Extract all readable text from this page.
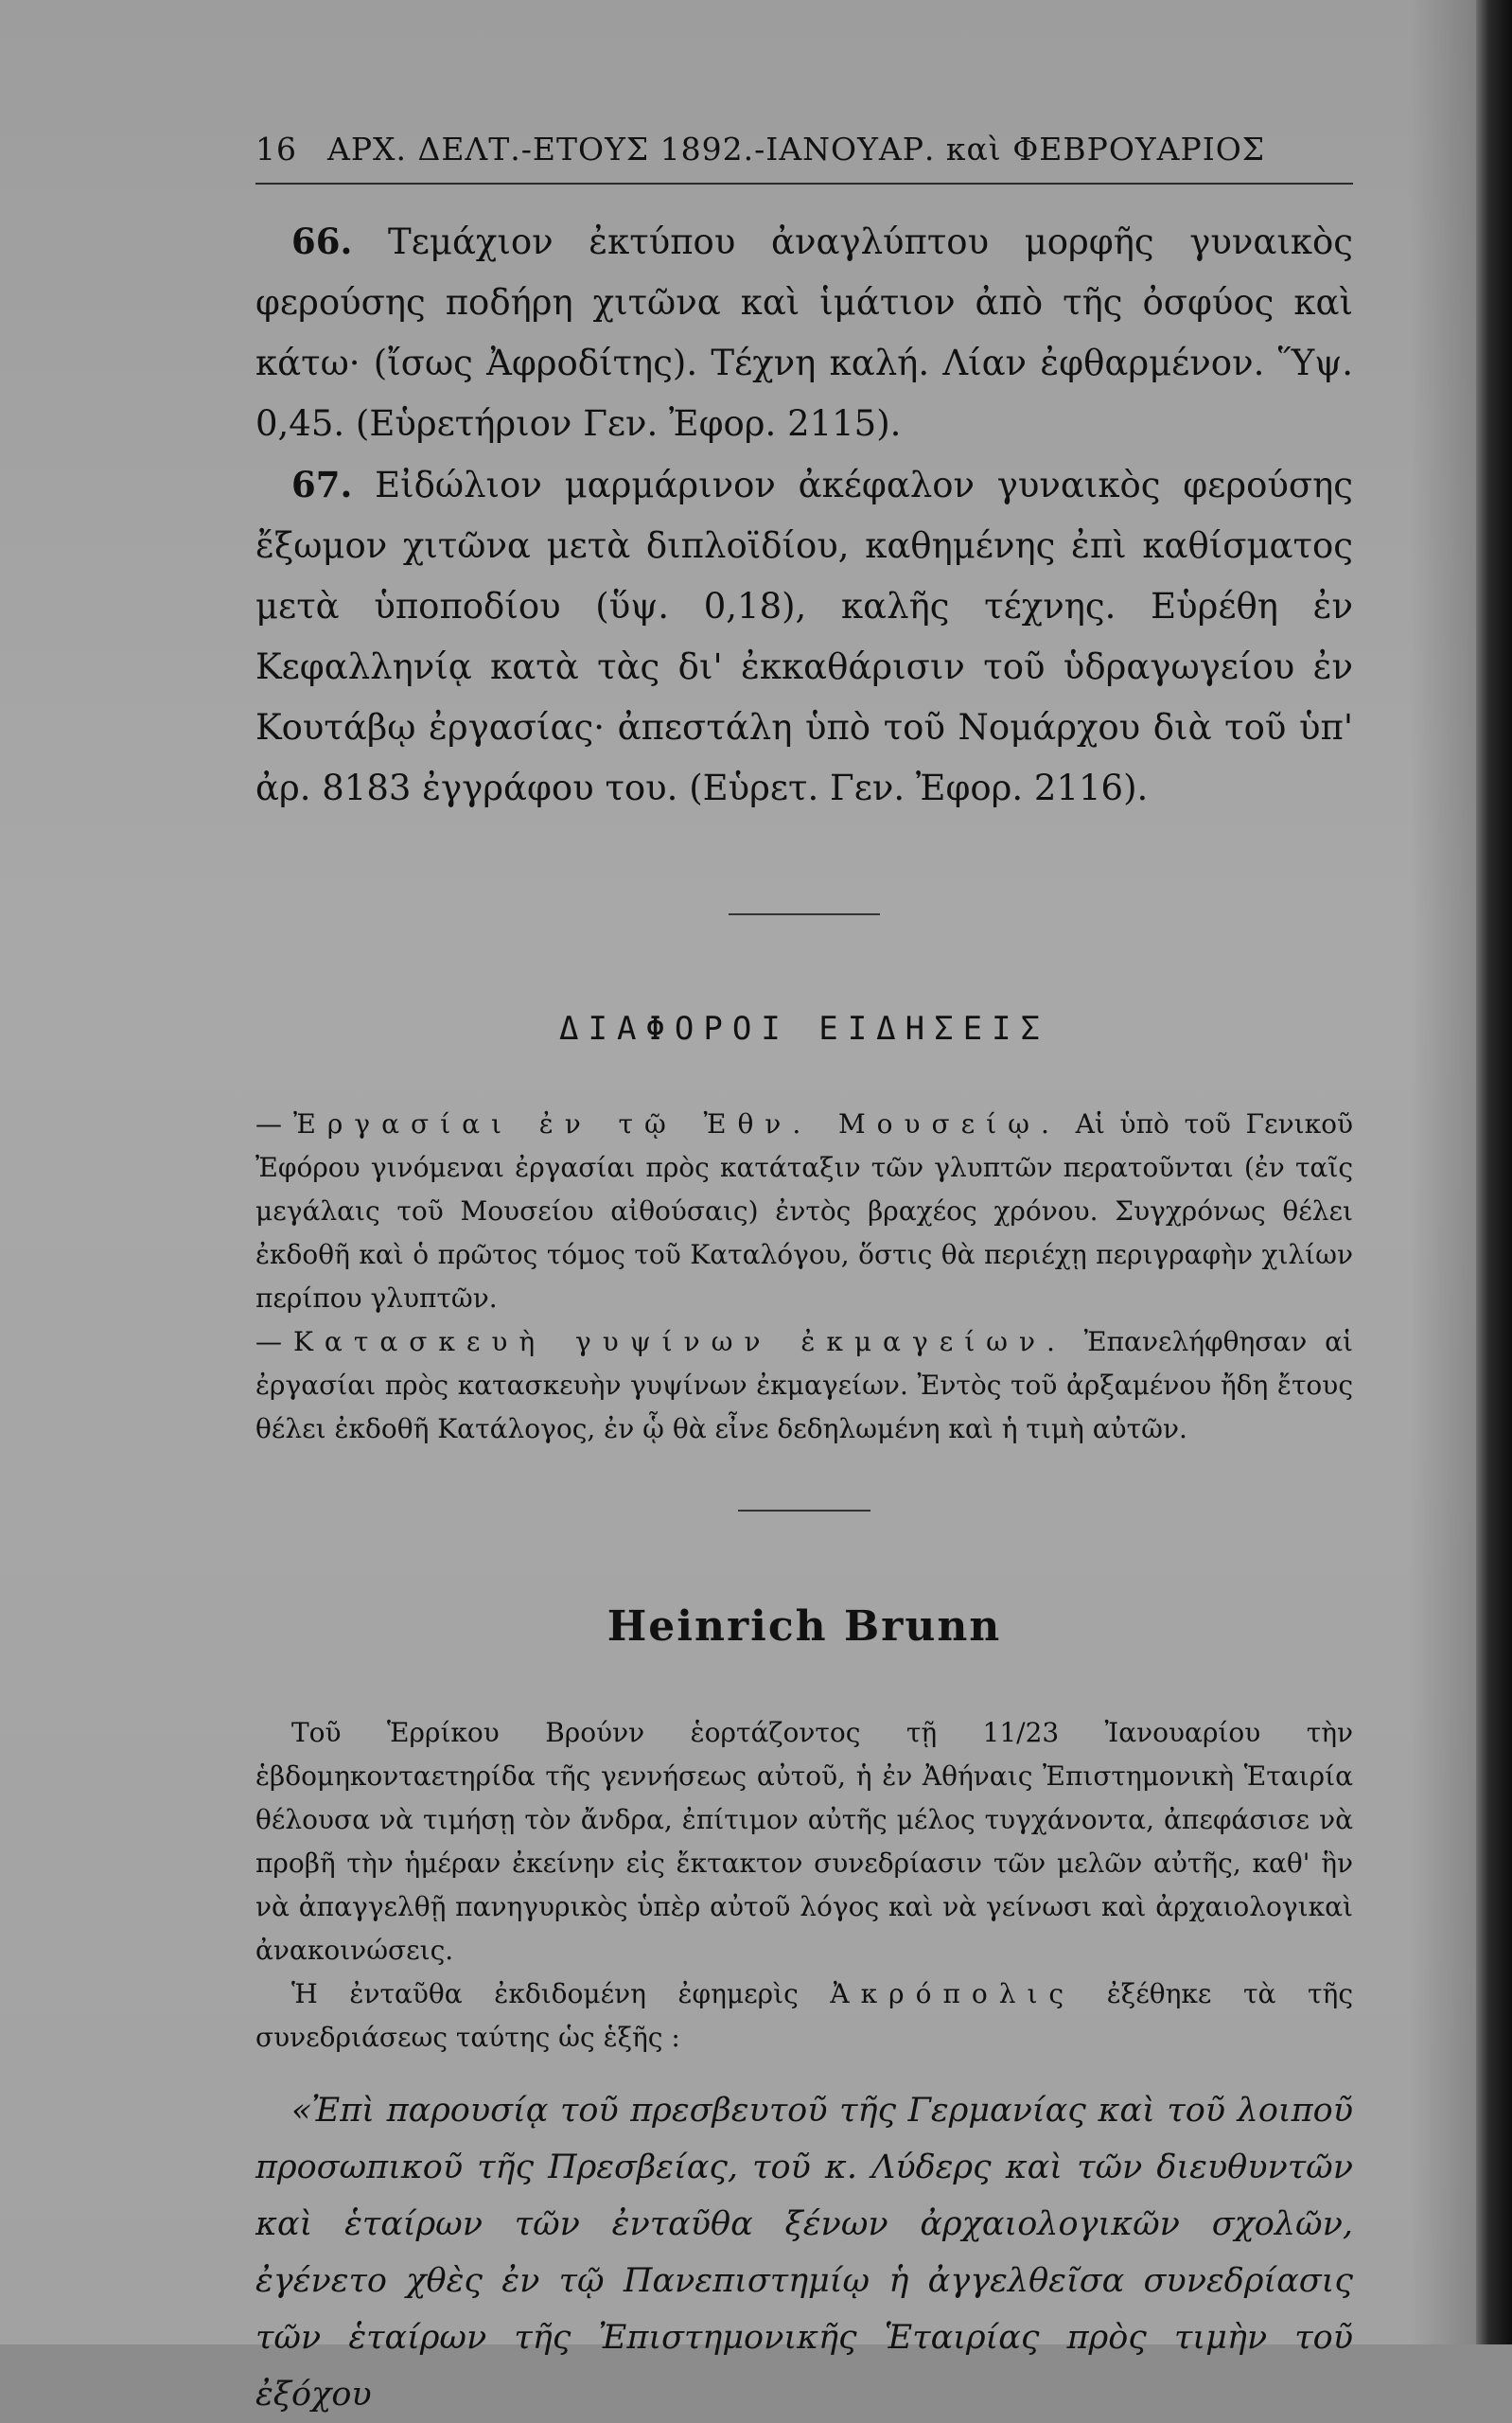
16 ΑΡΧ. ΔΕΛΤ.-ΕΤΟΥΣ 1892.-ΙΑΝΟΥΑΡ. καὶ ΦΕΒΡΟΥΑΡΙΟΣ

66. Τεμάχιον ἐκτύπου ἀναγλύπτου μορφῆς γυναικὸς φερούσης ποδήρη χιτῶνα καὶ ἱμάτιον ἀπὸ τῆς ὀσφύος καὶ κάτω· (ἴσως Ἀφροδίτης). Τέχνη καλή. Λίαν ἐφθαρμένον. Ὕψ. 0,45. (Εὑρετήριον Γεν. Ἐφορ. 2115).

67. Εἰδώλιον μαρμάρινον ἀκέφαλον γυναικὸς φερούσης ἔξωμον χιτῶνα μετὰ διπλοϊδίου, καθημένης ἐπὶ καθίσματος μετὰ ὑποποδίου (ὕψ. 0,18), καλῆς τέχνης. Εὑρέθη ἐν Κεφαλληνίᾳ κατὰ τὰς δι' ἐκκαθάρισιν τοῦ ὑδραγωγείου ἐν Κουτάβῳ ἐργασίας· ἀπεστάλη ὑπὸ τοῦ Νομάρχου διὰ τοῦ ὑπ' ἀρ. 8183 ἐγγράφου του. (Εὑρετ. Γεν. Ἐφορ. 2116).

ΔΙΑΦΟΡΟΙ ΕΙΔΗΣΕΙΣ

—Ἐργασίαι ἐν τῷ Ἐθν. Μουσείῳ. Αἱ ὑπὸ τοῦ Γενικοῦ Ἐφόρου γινόμεναι ἐργασίαι πρὸς κατάταξιν τῶν γλυπτῶν περατοῦνται (ἐν ταῖς μεγάλαις τοῦ Μουσείου αἰθούσαις) ἐντὸς βραχέος χρόνου. Συγχρόνως θέλει ἐκδοθῆ καὶ ὁ πρῶτος τόμος τοῦ Καταλόγου, ὅστις θὰ περιέχῃ περιγραφὴν χιλίων περίπου γλυπτῶν.

—Κατασκευὴ γυψίνων ἐκμαγείων. Ἐπανελήφθησαν αἱ ἐργασίαι πρὸς κατασκευὴν γυψίνων ἐκμαγείων. Ἐντὸς τοῦ ἀρξαμένου ἤδη ἔτους θέλει ἐκδοθῆ Κατάλογος, ἐν ᾧ θὰ εἶνε δεδηλωμένη καὶ ἡ τιμὴ αὐτῶν.

Heinrich Brunn

Τοῦ Ἑρρίκου Βρούνν ἑορτάζοντος τῇ 11/23 Ἰανουαρίου τὴν ἑβδομηκονταετηρίδα τῆς γεννήσεως αὐτοῦ, ἡ ἐν Ἀθήναις Ἐπιστημονικὴ Ἑταιρία θέλουσα νὰ τιμήσῃ τὸν ἄνδρα, ἐπίτιμον αὐτῆς μέλος τυγχάνοντα, ἀπεφάσισε νὰ προβῆ τὴν ἡμέραν ἐκείνην εἰς ἔκτακτον συνεδρίασιν τῶν μελῶν αὐτῆς, καθ' ἣν νὰ ἀπαγγελθῇ πανηγυρικὸς ὑπὲρ αὐτοῦ λόγος καὶ νὰ γείνωσι καὶ ἀρχαιολογικαὶ ἀνακοινώσεις.

Ἡ ἐνταῦθα ἐκδιδομένη ἐφημερὶς Ἀκρόπολις ἐξέθηκε τὰ τῆς συνεδριάσεως ταύτης ὡς ἑξῆς :

«Ἐπὶ παρουσίᾳ τοῦ πρεσβευτοῦ τῆς Γερμανίας καὶ τοῦ λοιποῦ προσωπικοῦ τῆς Πρεσβείας, τοῦ κ. Λύδερς καὶ τῶν διευθυντῶν καὶ ἑταίρων τῶν ἐνταῦθα ξένων ἀρχαιολογικῶν σχολῶν, ἐγένετο χθὲς ἐν τῷ Πανεπιστημίῳ ἡ ἀγγελθεῖσα συνεδρίασις τῶν ἑταίρων τῆς Ἐπιστημονικῆς Ἑταιρίας πρὸς τιμὴν τοῦ ἐξόχου
